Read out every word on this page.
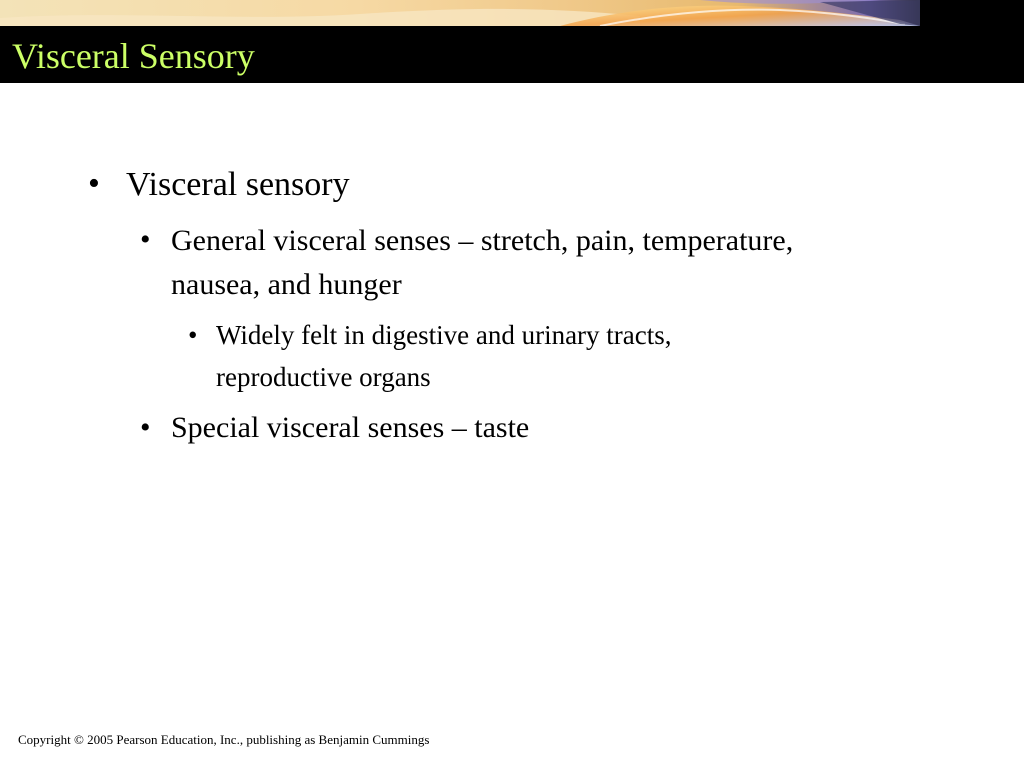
Visceral Sensory
• Visceral sensory
• General visceral senses – stretch, pain, temperature,
nausea, and hunger
• Widely felt in digestive and urinary tracts,
reproductive organs
• Special visceral senses – taste
Copyright © 2005 Pearson Education, Inc., publishing as Benjamin Cummings
